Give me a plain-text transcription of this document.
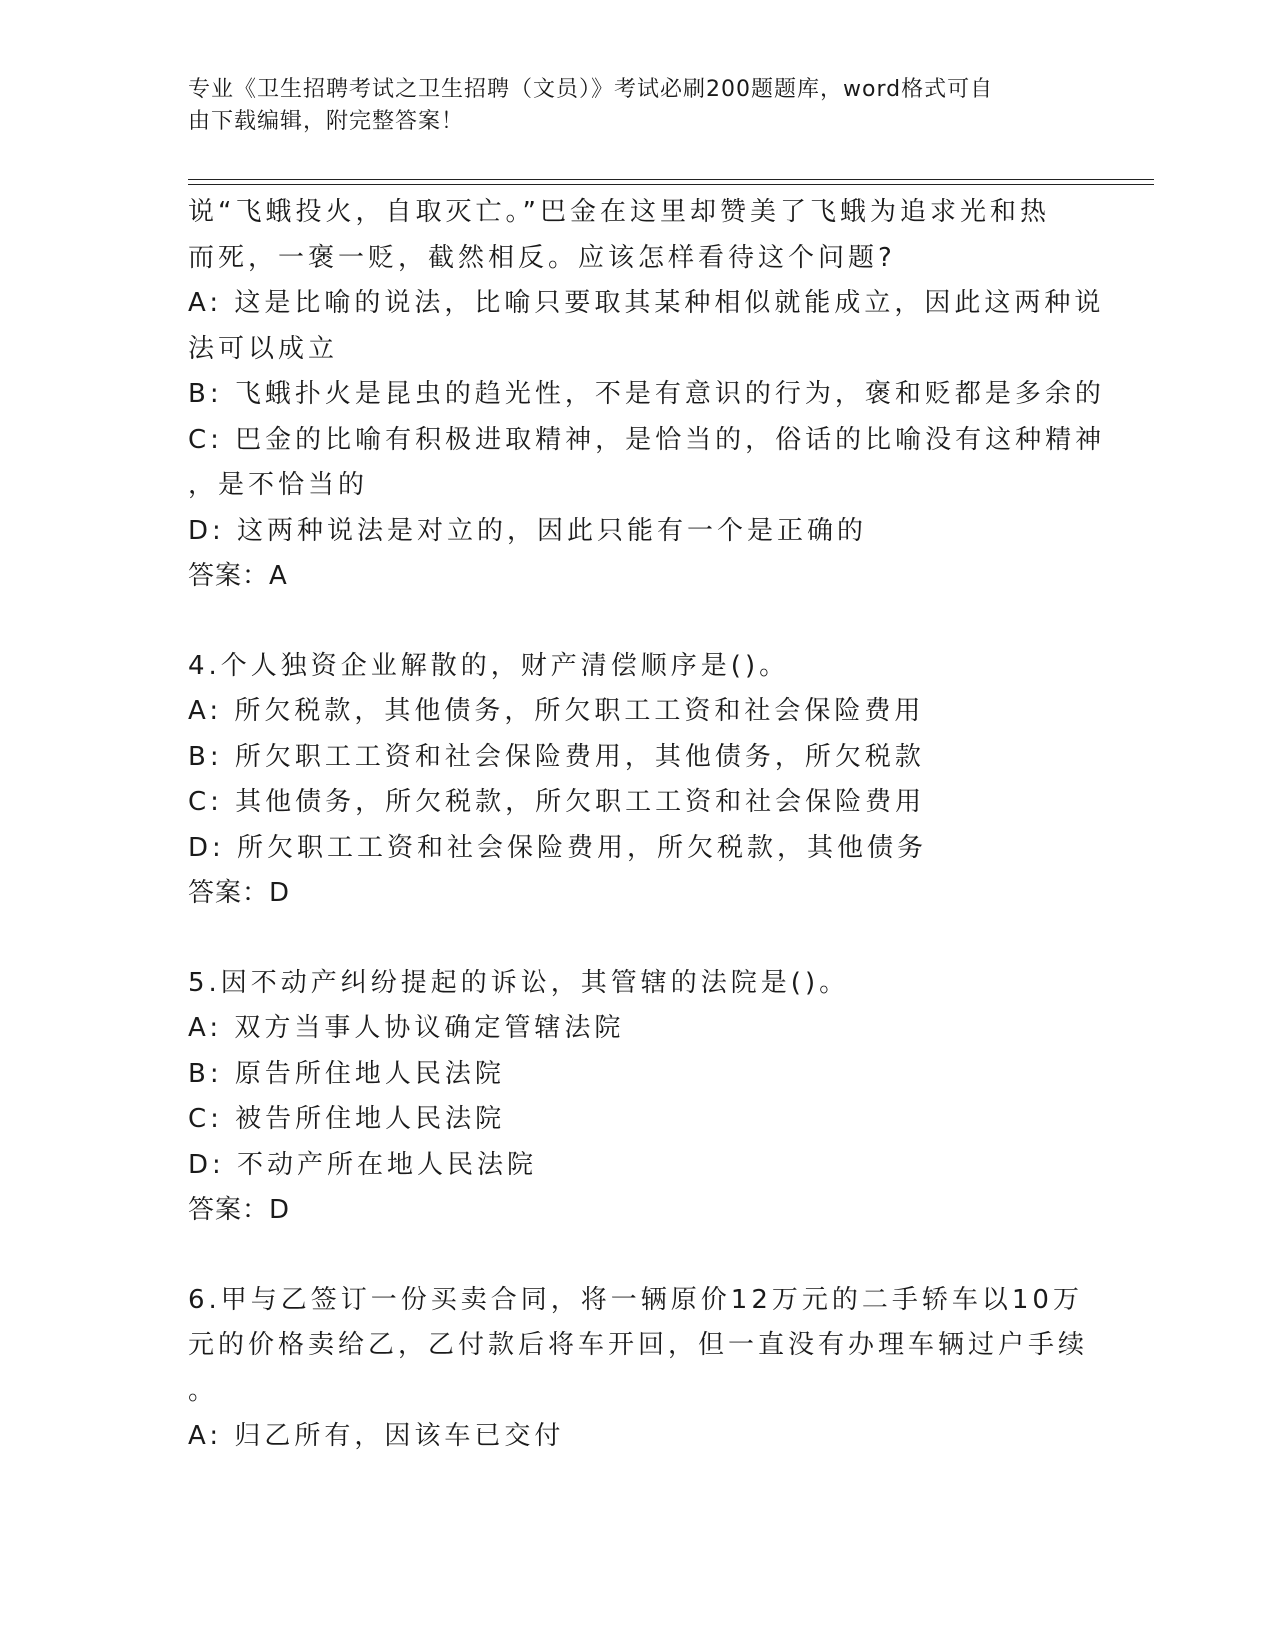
专业《卫生招聘考试之卫生招聘（文员）》考试必刷200题题库，word格式可自
由下载编辑，附完整答案！
说“飞蛾投火，自取灭亡。”巴金在这里却赞美了飞蛾为追求光和热
而死，一褒一贬，截然相反。应该怎样看待这个问题?
A: 这是比喻的说法，比喻只要取其某种相似就能成立，因此这两种说
法可以成立
B: 飞蛾扑火是昆虫的趋光性，不是有意识的行为，褒和贬都是多余的
C: 巴金的比喻有积极进取精神，是恰当的，俗话的比喻没有这种精神
，是不恰当的
D: 这两种说法是对立的，因此只能有一个是正确的
答案：A
4.个人独资企业解散的，财产清偿顺序是()。
A: 所欠税款，其他债务，所欠职工工资和社会保险费用
B: 所欠职工工资和社会保险费用，其他债务，所欠税款
C: 其他债务，所欠税款，所欠职工工资和社会保险费用
D: 所欠职工工资和社会保险费用，所欠税款，其他债务
答案：D
5.因不动产纠纷提起的诉讼，其管辖的法院是()。
A: 双方当事人协议确定管辖法院
B: 原告所住地人民法院
C: 被告所住地人民法院
D: 不动产所在地人民法院
答案：D
6.甲与乙签订一份买卖合同，将一辆原价12万元的二手轿车以10万
元的价格卖给乙，乙付款后将车开回，但一直没有办理车辆过户手续
。
A: 归乙所有，因该车已交付
